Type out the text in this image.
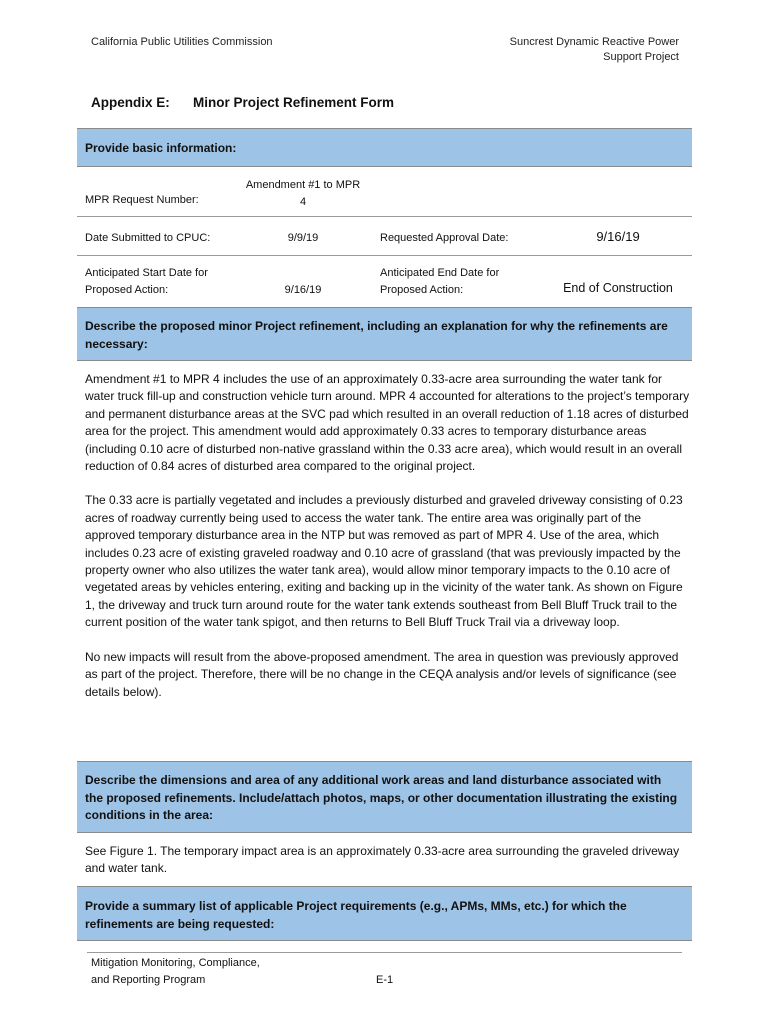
California Public Utilities Commission	Suncrest Dynamic Reactive Power
Support Project
Appendix E: Minor Project Refinement Form
Provide basic information:
MPR Request Number:
Amendment #1 to MPR
4
Date Submitted to CPUC:	9/9/19	Requested Approval Date:	9/16/19
Anticipated Start Date for
Proposed Action:	9/16/19
Anticipated End Date for
Proposed Action:	End of Construction
Describe the proposed minor Project refinement, including an explanation for why the refinements are necessary:

Amendment #1 to MPR 4 includes the use of an approximately 0.33-acre area surrounding the water tank for water truck fill-up and construction vehicle turn around. MPR 4 accounted for alterations to the project’s temporary and permanent disturbance areas at the SVC pad which resulted in an overall reduction of 1.18 acres of disturbed area for the project. This amendment would add approximately 0.33 acres to temporary disturbance areas (including 0.10 acre of disturbed non-native grassland within the 0.33 acre area), which would result in an overall reduction of 0.84 acres of disturbed area compared to the original project.

The 0.33 acre is partially vegetated and includes a previously disturbed and graveled driveway consisting of 0.23 acres of roadway currently being used to access the water tank. The entire area was originally part of the approved temporary disturbance area in the NTP but was removed as part of MPR 4. Use of the area, which includes 0.23 acre of existing graveled roadway and 0.10 acre of grassland (that was previously impacted by the property owner who also utilizes the water tank area), would allow minor temporary impacts to the 0.10 acre of vegetated areas by vehicles entering, exiting and backing up in the vicinity of the water tank. As shown on Figure 1, the driveway and truck turn around route for the water tank extends southeast from Bell Bluff Truck trail to the current position of the water tank spigot, and then returns to Bell Bluff Truck Trail via a driveway loop.

No new impacts will result from the above-proposed amendment. The area in question was previously approved as part of the project. Therefore, there will be no change in the CEQA analysis and/or levels of significance (see details below).

Describe the dimensions and area of any additional work areas and land disturbance associated with the proposed refinements. Include/attach photos, maps, or other documentation illustrating the existing conditions in the area:

See Figure 1. The temporary impact area is an approximately 0.33-acre area surrounding the graveled driveway and water tank.

Provide a summary list of applicable Project requirements (e.g., APMs, MMs, etc.) for which the refinements are being requested:
Mitigation Monitoring, Compliance,
and Reporting Program	E-1
